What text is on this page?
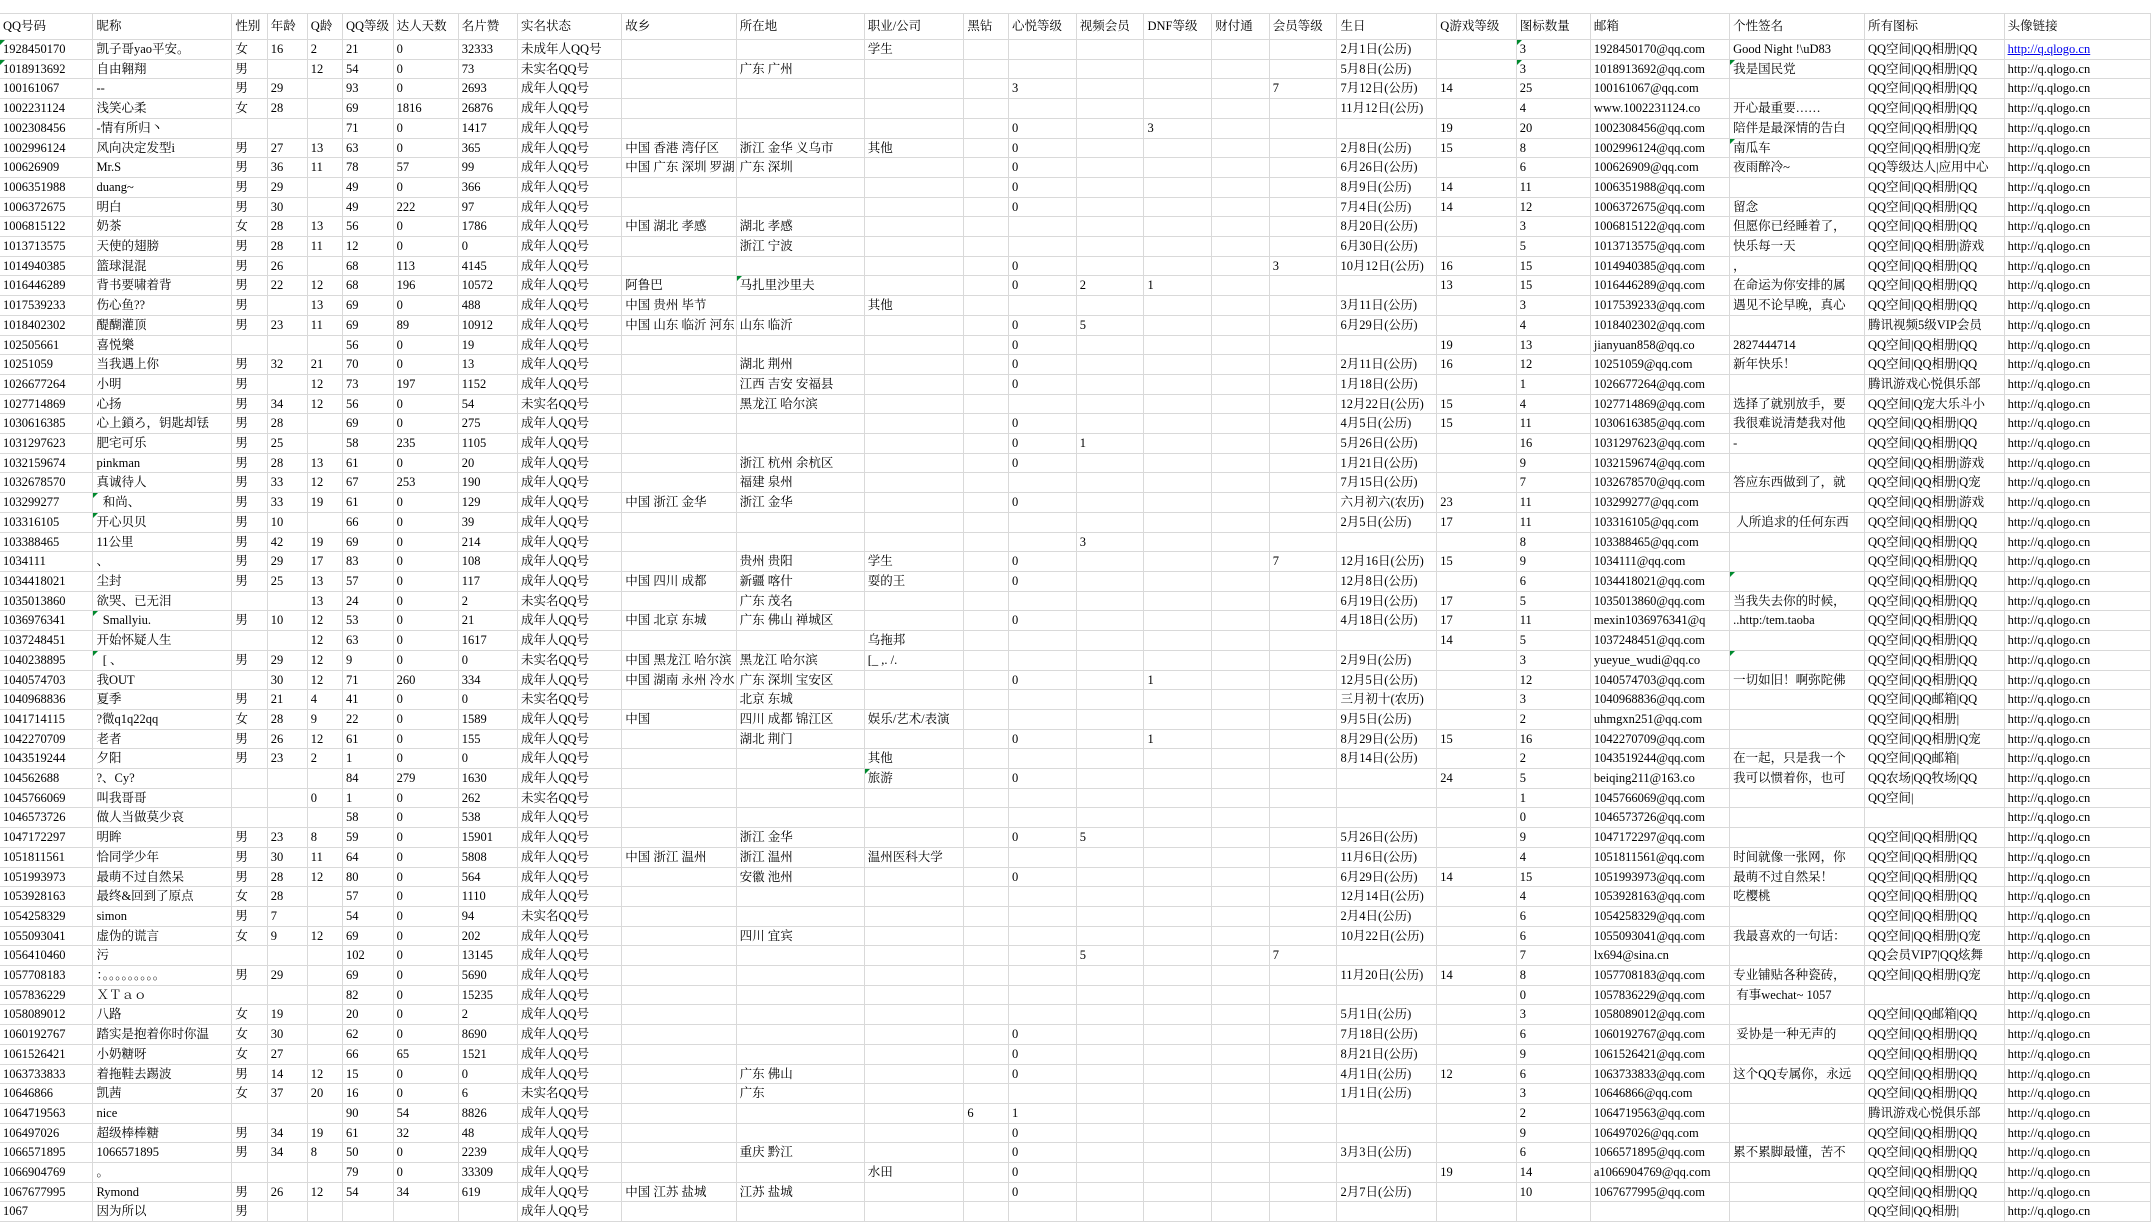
QQ号码	昵称	性别	年龄	Q龄	QQ等级	达人天数	名片赞	实名状态	故乡	所在地	职业/公司	黑钻	心悦等级	视频会员	DNF等级	财付通	会员等级	生日	Q游戏等级	图标数量	邮箱	个性签名	所有图标	头像链接
1928450170	凯子哥yao平安。	女	16	2	21	0	32333	未成年人QQ号			学生							2月1日(公历)		3	1928450170@qq.com	Good Night !\uD83	QQ空间|QQ相册|QQ	http://q.qlogo.cn
1018913692	自由翱翔	男		12	54	0	73	未实名QQ号		广东 广州								5月8日(公历)		3	1018913692@qq.com	我是国民党	QQ空间|QQ相册|QQ	http://q.qlogo.cn
100161067	--	男	29		93	0	2693	成年人QQ号					3				7	7月12日(公历)	14	25	100161067@qq.com		QQ空间|QQ相册|QQ	http://q.qlogo.cn
1002231124	浅笑心柔	女	28		69	1816	26876	成年人QQ号										11月12日(公历)		4	www.1002231124.co	开心最重要……	QQ空间|QQ相册|QQ	http://q.qlogo.cn
1002308456	-情有所归丶				71	0	1417	成年人QQ号					0		3				19	20	1002308456@qq.com	陪伴是最深情的告白	QQ空间|QQ相册|QQ	http://q.qlogo.cn
1002996124	风向决定发型i	男	27	13	63	0	365	成年人QQ号	中国 香港 湾仔区	浙江 金华 义乌市	其他		0					2月8日(公历)	15	8	1002996124@qq.com	南瓜车	QQ空间|QQ相册|Q宠	http://q.qlogo.cn
100626909	Mr.S	男	36	11	78	57	99	成年人QQ号	中国 广东 深圳 罗湖	广东 深圳			0					6月26日(公历)		6	100626909@qq.com	夜雨醉冷~	QQ等级达人|应用中心	http://q.qlogo.cn
1006351988	duang~	男	29		49	0	366	成年人QQ号					0					8月9日(公历)	14	11	1006351988@qq.com		QQ空间|QQ相册|QQ	http://q.qlogo.cn
1006372675	明白	男	30		49	222	97	成年人QQ号					0					7月4日(公历)	14	12	1006372675@qq.com	留念	QQ空间|QQ相册|QQ	http://q.qlogo.cn
1006815122	奶茶	女	28	13	56	0	1786	成年人QQ号	中国 湖北 孝感	湖北 孝感								8月20日(公历)		3	1006815122@qq.com	但愿你已经睡着了，	QQ空间|QQ相册|QQ	http://q.qlogo.cn
1013713575	天使的翅膀	男	28	11	12	0	0	成年人QQ号		浙江 宁波								6月30日(公历)		5	1013713575@qq.com	快乐每一天	QQ空间|QQ相册|游戏	http://q.qlogo.cn
1014940385	篮球混混	男	26		68	113	4145	成年人QQ号					0				3	10月12日(公历)	16	15	1014940385@qq.com	，	QQ空间|QQ相册|QQ	http://q.qlogo.cn
1016446289	背书要啸着背	男	22	12	68	196	10572	成年人QQ号	阿鲁巴	马扎里沙里夫			0	2	1				13	15	1016446289@qq.com	在命运为你安排的属	QQ空间|QQ相册|QQ	http://q.qlogo.cn
1017539233	伤心鱼??	男		13	69	0	488	成年人QQ号	中国 贵州 毕节		其他							3月11日(公历)		3	1017539233@qq.com	遇见不论早晚，真心	QQ空间|QQ相册|QQ	http://q.qlogo.cn
1018402302	醍醐灌顶	男	23	11	69	89	10912	成年人QQ号	中国 山东 临沂 河东	山东 临沂			0	5				6月29日(公历)		4	1018402302@qq.com		腾讯视频5级VIP会员	http://q.qlogo.cn
102505661	喜悦樂				56	0	19	成年人QQ号					0						19	13	jianyuan858@qq.co	2827444714	QQ空间|QQ相册|QQ	http://q.qlogo.cn
10251059	当我遇上你	男	32	21	70	0	13	成年人QQ号		湖北 荆州			0					2月11日(公历)	16	12	10251059@qq.com	新年快乐！	QQ空间|QQ相册|QQ	http://q.qlogo.cn
1026677264	小明	男		12	73	197	1152	成年人QQ号		江西 吉安 安福县			0					1月18日(公历)		1	1026677264@qq.com		腾讯游戏心悦俱乐部	http://q.qlogo.cn
1027714869	心扬	男	34	12	56	0	54	未实名QQ号		黑龙江 哈尔滨								12月22日(公历)	15	4	1027714869@qq.com	选择了就别放手，要	QQ空间|Q宠大乐斗小	http://q.qlogo.cn
1030616385	心上鎖ろ，钥匙却铥	男	28		69	0	275	成年人QQ号					0					4月5日(公历)	15	11	1030616385@qq.com	我很难说清楚我对他	QQ空间|QQ相册|QQ	http://q.qlogo.cn
1031297623	肥宅可乐	男	25		58	235	1105	成年人QQ号					0	1				5月26日(公历)		16	1031297623@qq.com	-	QQ空间|QQ相册|QQ	http://q.qlogo.cn
1032159674	pinkman	男	28	13	61	0	20	成年人QQ号		浙江 杭州 余杭区			0					1月21日(公历)		9	1032159674@qq.com		QQ空间|QQ相册|游戏	http://q.qlogo.cn
1032678570	真诚待人	男	33	12	67	253	190	成年人QQ号		福建 泉州								7月15日(公历)		7	1032678570@qq.com	答应东西做到了，就	QQ空间|QQ相册|Q宠	http://q.qlogo.cn
103299277	和尚、	男	33	19	61	0	129	成年人QQ号	中国 浙江 金华	浙江 金华			0					六月初六(农历)	23	11	103299277@qq.com		QQ空间|QQ相册|游戏	http://q.qlogo.cn
103316105	开心贝贝	男	10		66	0	39	成年人QQ号										2月5日(公历)	17	11	103316105@qq.com	人所追求的任何东西	QQ空间|QQ相册|QQ	http://q.qlogo.cn
103388465	11公里	男	42	19	69	0	214	成年人QQ号						3						8	103388465@qq.com		QQ空间|QQ相册|QQ	http://q.qlogo.cn
1034111	、	男	29	17	83	0	108	成年人QQ号		贵州 贵阳	学生		0				7	12月16日(公历)	15	9	1034111@qq.com		QQ空间|QQ相册|QQ	http://q.qlogo.cn
1034418021	尘封	男	25	13	57	0	117	成年人QQ号	中国 四川 成都	新疆 喀什	耍的王		0					12月8日(公历)		6	1034418021@qq.com		QQ空间|QQ相册|QQ	http://q.qlogo.cn
1035013860	欲哭、已无泪			13	24	0	2	未实名QQ号		广东 茂名								6月19日(公历)	17	5	1035013860@qq.com	当我失去你的时候，	QQ空间|QQ相册|QQ	http://q.qlogo.cn
1036976341	Smallyiu.	男	10	12	53	0	21	成年人QQ号	中国 北京 东城	广东 佛山 禅城区			0					4月18日(公历)	17	11	mexin1036976341@q	..http:/tem.taoba	QQ空间|QQ相册|QQ	http://q.qlogo.cn
1037248451	开始怀疑人生			12	63	0	1617	成年人QQ号			乌拖邦								14	5	1037248451@qq.com		QQ空间|QQ相册|QQ	http://q.qlogo.cn
1040238895	[ 、	男	29	12	9	0	0	未实名QQ号	中国 黑龙江 哈尔滨	黑龙江 哈尔滨	[_ ,. /.							2月9日(公历)		3	yueyue_wudi@qq.co		QQ空间|QQ相册|QQ	http://q.qlogo.cn
1040574703	我OUT		30	12	71	260	334	成年人QQ号	中国 湖南 永州 冷水	广东 深圳 宝安区			0		1			12月5日(公历)		12	1040574703@qq.com	一切如旧！啊弥陀佛	QQ空间|QQ相册|QQ	http://q.qlogo.cn
1040968836	夏季	男	21	4	41	0	0	未实名QQ号		北京 东城								三月初十(农历)		3	1040968836@qq.com		QQ空间|QQ邮箱|QQ	http://q.qlogo.cn
1041714115	?微q1q22qq	女	28	9	22	0	1589	成年人QQ号	中国	四川 成都 锦江区	娱乐/艺术/表演							9月5日(公历)		2	uhmgxn251@qq.com		QQ空间|QQ相册|	http://q.qlogo.cn
1042270709	老者	男	26	12	61	0	155	成年人QQ号		湖北 荆门			0		1			8月29日(公历)	15	16	1042270709@qq.com		QQ空间|QQ相册|Q宠	http://q.qlogo.cn
1043519244	夕阳	男	23	2	1	0	0	成年人QQ号			其他							8月14日(公历)		2	1043519244@qq.com	在一起，只是我一个	QQ空间|QQ邮箱|	http://q.qlogo.cn
104562688	?、Cy?				84	279	1630	成年人QQ号			旅游		0						24	5	beiqing211@163.co	我可以惯着你，也可	QQ农场|QQ牧场|QQ	http://q.qlogo.cn
1045766069	叫我哥哥			0	1	0	262	未实名QQ号												1	1045766069@qq.com		QQ空间|	http://q.qlogo.cn
1046573726	做人当做莫少哀				58	0	538	成年人QQ号												0	1046573726@qq.com			http://q.qlogo.cn
1047172297	明眸	男	23	8	59	0	15901	成年人QQ号		浙江 金华			0	5				5月26日(公历)		9	1047172297@qq.com		QQ空间|QQ相册|QQ	http://q.qlogo.cn
1051811561	恰同学少年	男	30	11	64	0	5808	成年人QQ号	中国 浙江 温州	浙江 温州	温州医科大学							11月6日(公历)		4	1051811561@qq.com	时间就像一张网，你	QQ空间|QQ相册|QQ	http://q.qlogo.cn
1051993973	最萌不过自然呆	男	28	12	80	0	564	成年人QQ号		安徽 池州			0					6月29日(公历)	14	15	1051993973@qq.com	最萌不过自然呆！	QQ空间|QQ相册|QQ	http://q.qlogo.cn
1053928163	最终&回到了原点	女	28		57	0	1110	成年人QQ号										12月14日(公历)		4	1053928163@qq.com	吃樱桃	QQ空间|QQ相册|QQ	http://q.qlogo.cn
1054258329	simon	男	7		54	0	94	未实名QQ号										2月4日(公历)		6	1054258329@qq.com		QQ空间|QQ相册|QQ	http://q.qlogo.cn
1055093041	虚伪的谎言	女	9	12	69	0	202	成年人QQ号		四川 宜宾								10月22日(公历)		6	1055093041@qq.com	我最喜欢的一句话：	QQ空间|QQ相册|Q宠	http://q.qlogo.cn
1056410460	污				102	0	13145	成年人QQ号						5			7			7	lx694@sina.cn		QQ会员VIP7|QQ炫舞	http://q.qlogo.cn
1057708183	：。。。。。。。。。	男	29		69	0	5690	成年人QQ号										11月20日(公历)	14	8	1057708183@qq.com	专业铺贴各种瓷砖，	QQ空间|QQ相册|Q宠	http://q.qlogo.cn
1057836229	ＸＴａｏ				82	0	15235	成年人QQ号												0	1057836229@qq.com	有事wechat~ 1057		http://q.qlogo.cn
1058089012	八路	女	19		20	0	2	成年人QQ号										5月1日(公历)		3	1058089012@qq.com		QQ空间|QQ邮箱|QQ	http://q.qlogo.cn
1060192767	踏实是抱着你时你温	女	30		62	0	8690	成年人QQ号					0					7月18日(公历)		6	1060192767@qq.com	妥协是一种无声的	QQ空间|QQ相册|QQ	http://q.qlogo.cn
1061526421	小奶糖呀	女	27		66	65	1521	成年人QQ号					0					8月21日(公历)		9	1061526421@qq.com		QQ空间|QQ相册|QQ	http://q.qlogo.cn
1063733833	着拖鞋去踢波	男	14	12	15	0	0	成年人QQ号		广东 佛山			0					4月1日(公历)	12	6	1063733833@qq.com	这个QQ专属你，永远	QQ空间|QQ相册|QQ	http://q.qlogo.cn
10646866	凯茜	女	37	20	16	0	6	未实名QQ号		广东								1月1日(公历)		3	10646866@qq.com		QQ空间|QQ相册|QQ	http://q.qlogo.cn
1064719563	nice				90	54	8826	成年人QQ号				6	1							2	1064719563@qq.com		腾讯游戏心悦俱乐部	http://q.qlogo.cn
106497026	超级棒棒糖	男	34	19	61	32	48	成年人QQ号					0							9	106497026@qq.com		QQ空间|QQ相册|QQ	http://q.qlogo.cn
1066571895	1066571895	男	34	8	50	0	2239	成年人QQ号		重庆 黔江			0					3月3日(公历)		6	1066571895@qq.com	累不累脚最懂，苦不	QQ空间|QQ相册|QQ	http://q.qlogo.cn
1066904769	。				79	0	33309	成年人QQ号			水田		0						19	14	a1066904769@qq.com		QQ空间|QQ相册|QQ	http://q.qlogo.cn
1067677995	Rymond	男	26	12	54	34	619	成年人QQ号	中国 江苏 盐城	江苏 盐城			0					2月7日(公历)		10	1067677995@qq.com		QQ空间|QQ相册|QQ	http://q.qlogo.cn
1067	因为所以	男						成年人QQ号															QQ空间|QQ相册|	http://q.qlogo.cn
